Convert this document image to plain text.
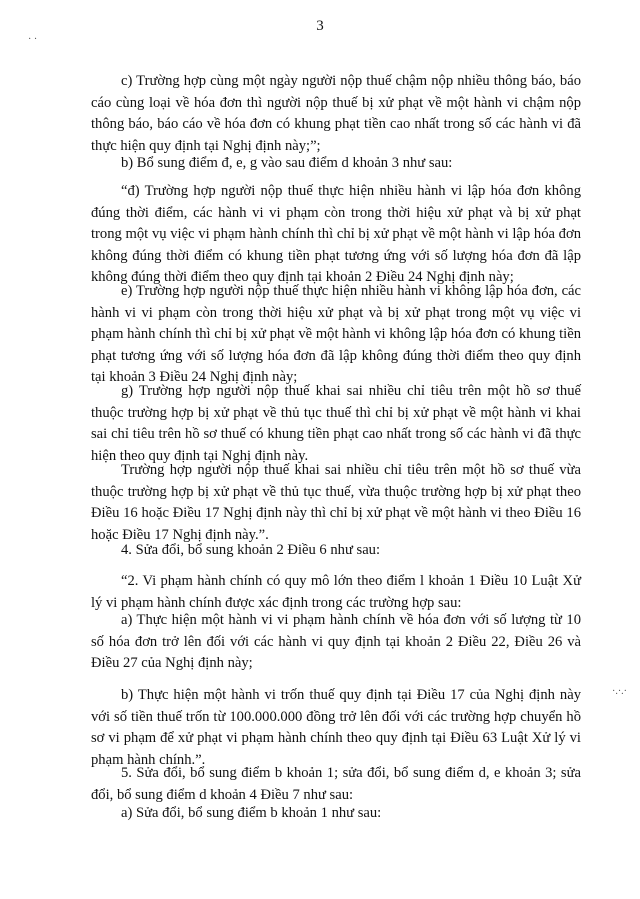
3
· ·
·.·.·

c) Trường hợp cùng một ngày người nộp thuế chậm nộp nhiều thông báo, báo cáo cùng loại về hóa đơn thì người nộp thuế bị xử phạt về một hành vi chậm nộp thông báo, báo cáo về hóa đơn có khung phạt tiền cao nhất trong số các hành vi đã thực hiện quy định tại Nghị định này;”;

b) Bổ sung điểm đ, e, g vào sau điểm d khoản 3 như sau:

“đ) Trường hợp người nộp thuế thực hiện nhiều hành vi lập hóa đơn không đúng thời điểm, các hành vi vi phạm còn trong thời hiệu xử phạt và bị xử phạt trong một vụ việc vi phạm hành chính thì chỉ bị xử phạt về một hành vi lập hóa đơn không đúng thời điểm có khung tiền phạt tương ứng với số lượng hóa đơn đã lập không đúng thời điểm theo quy định tại khoản 2 Điều 24 Nghị định này;

e) Trường hợp người nộp thuế thực hiện nhiều hành vi không lập hóa đơn, các hành vi vi phạm còn trong thời hiệu xử phạt và bị xử phạt trong một vụ việc vi phạm hành chính thì chỉ bị xử phạt về một hành vi không lập hóa đơn có khung tiền phạt tương ứng với số lượng hóa đơn đã lập không đúng thời điểm theo quy định tại khoản 3 Điều 24 Nghị định này;

g) Trường hợp người nộp thuế khai sai nhiều chỉ tiêu trên một hồ sơ thuế thuộc trường hợp bị xử phạt về thủ tục thuế thì chỉ bị xử phạt về một hành vi khai sai chỉ tiêu trên hồ sơ thuế có khung tiền phạt cao nhất trong số các hành vi đã thực hiện theo quy định tại Nghị định này.

Trường hợp người nộp thuế khai sai nhiều chỉ tiêu trên một hồ sơ thuế vừa thuộc trường hợp bị xử phạt về thủ tục thuế, vừa thuộc trường hợp bị xử phạt theo Điều 16 hoặc Điều 17 Nghị định này thì chỉ bị xử phạt về một hành vi theo Điều 16 hoặc Điều 17 Nghị định này.”.

4. Sửa đổi, bổ sung khoản 2 Điều 6 như sau:

“2. Vi phạm hành chính có quy mô lớn theo điểm l khoản 1 Điều 10 Luật Xử lý vi phạm hành chính được xác định trong các trường hợp sau:

a) Thực hiện một hành vi vi phạm hành chính về hóa đơn với số lượng từ 10 số hóa đơn trở lên đối với các hành vi quy định tại khoản 2 Điều 22, Điều 26 và Điều 27 của Nghị định này;

b) Thực hiện một hành vi trốn thuế quy định tại Điều 17 của Nghị định này với số tiền thuế trốn từ 100.000.000 đồng trở lên đối với các trường hợp chuyển hồ sơ vi phạm để xử phạt vi phạm hành chính theo quy định tại Điều 63 Luật Xử lý vi phạm hành chính.”.

5. Sửa đổi, bổ sung điểm b khoản 1; sửa đổi, bổ sung điểm d, e khoản 3; sửa đổi, bổ sung điểm d khoản 4 Điều 7 như sau:

a) Sửa đổi, bổ sung điểm b khoản 1 như sau:
